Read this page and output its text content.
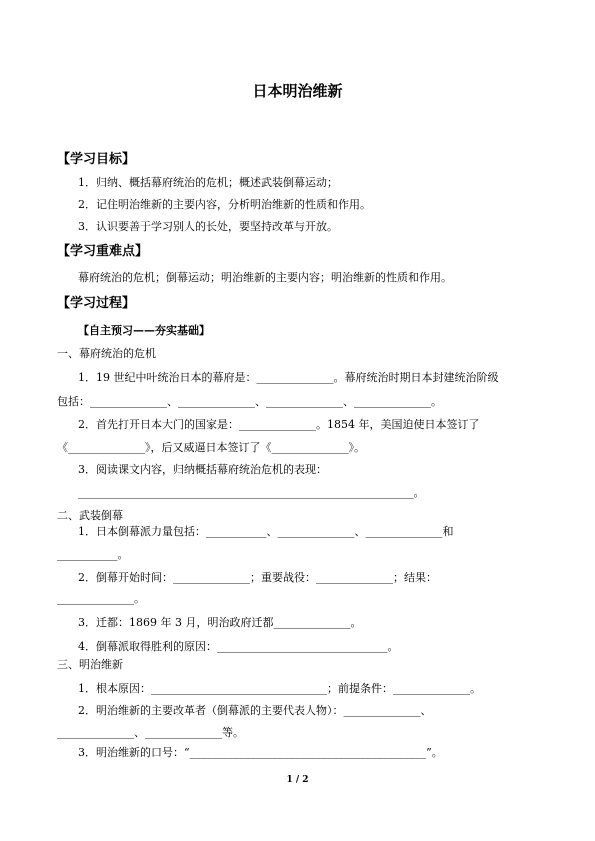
日本明治维新
【学习目标】
1．归纳、概括幕府统治的危机；概述武装倒幕运动；
2．记住明治维新的主要内容，分析明治维新的性质和作用。
3．认识要善于学习别人的长处，要坚持改革与开放。
【学习重难点】
幕府统治的危机；倒幕运动；明治维新的主要内容；明治维新的性质和作用。
【学习过程】
【自主预习——夯实基础】
一、幕府统治的危机
1．19 世纪中叶统治日本的幕府是：______________。幕府统治时期日本封建统治阶级
包括：______________、______________、______________、______________。
2．首先打开日本大门的国家是：______________。1854 年，美国迫使日本签订了
《______________》，后又威逼日本签订了《______________》。
3．阅读课文内容，归纳概括幕府统治危机的表现：
_____________________________________________________________。
二、武装倒幕
1．日本倒幕派力量包括：___________、______________、______________和
___________。
2．倒幕开始时间：______________；重要战役：______________；结果：
______________。
3．迁都：1869 年 3 月，明治政府迁都______________。
4．倒幕派取得胜利的原因：_______________________________。
三、明治维新
1．根本原因：________________________________；前提条件：______________。
2．明治维新的主要改革者（倒幕派的主要代表人物）：______________、
______________、______________等。
3．明治维新的口号：“___________________________________________”。
1 / 2
